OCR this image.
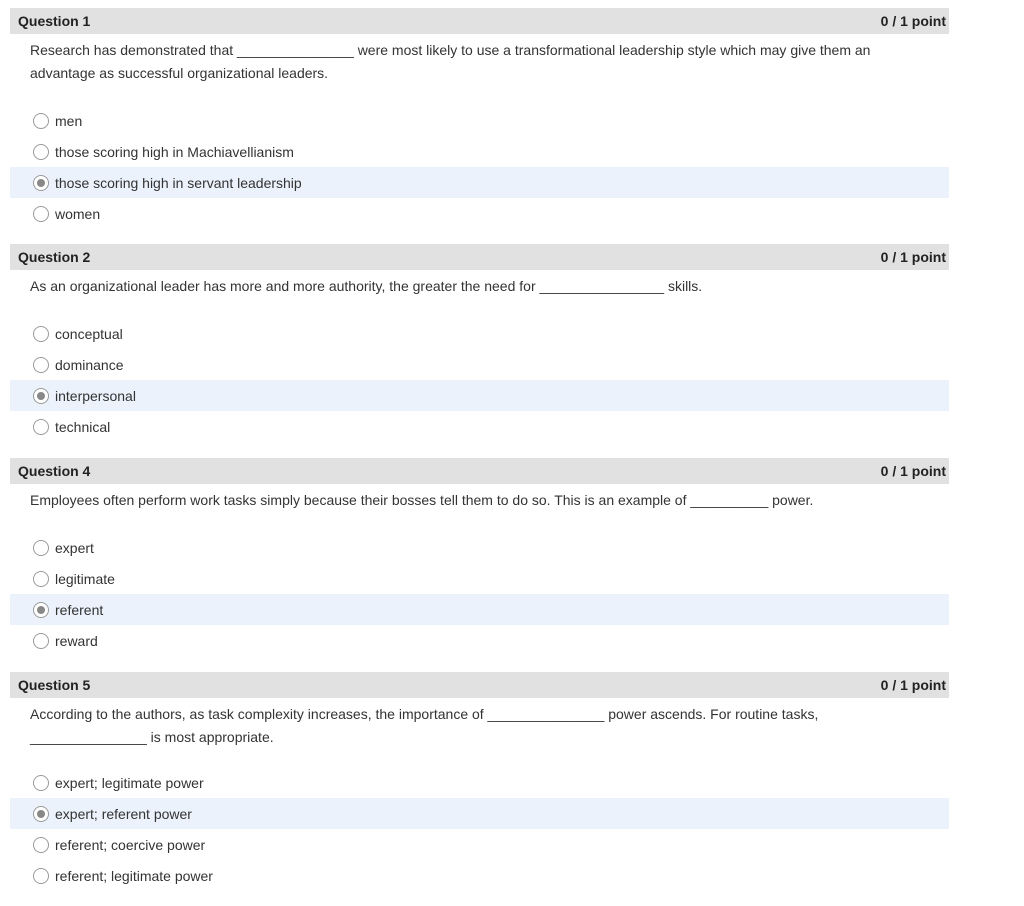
Question 1	0 / 1 point
Research has demonstrated that _______________ were most likely to use a transformational leadership style which may give them an advantage as successful organizational leaders.
men
those scoring high in Machiavellianism
those scoring high in servant leadership
women
Question 2	0 / 1 point
As an organizational leader has more and more authority, the greater the need for ________________ skills.
conceptual
dominance
interpersonal
technical
Question 4	0 / 1 point
Employees often perform work tasks simply because their bosses tell them to do so. This is an example of __________ power.
expert
legitimate
referent
reward
Question 5	0 / 1 point
According to the authors, as task complexity increases, the importance of _______________ power ascends. For routine tasks, _______________ is most appropriate.
expert; legitimate power
expert; referent power
referent; coercive power
referent; legitimate power
